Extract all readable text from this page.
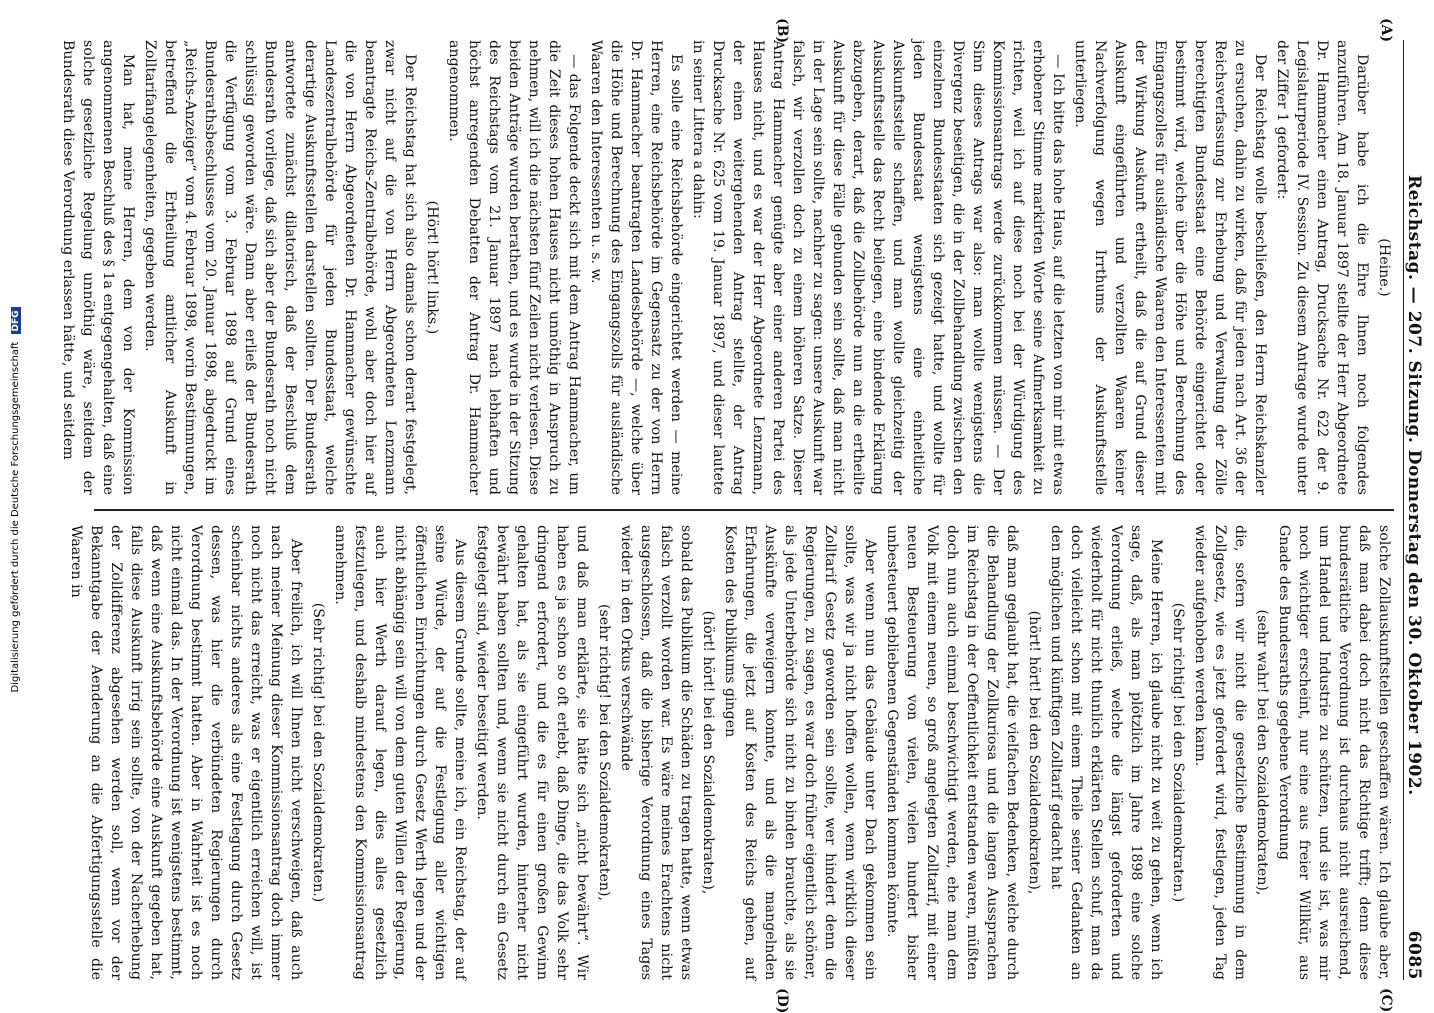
Digitalisierung gefördert durch die Deutsche Forschungsgemeinschaft DFG	Reichstag. — 207. Sitzung. Donnerstag den 30. Oktober 1902.
6085
(A)
(B)
(C)
(D)

(Heine.)

Darüber habe ich die Ehre Ihnen noch folgendes anzuführen. Am 18. Januar 1897 stellte der Herr Abgeordnete Dr. Hammacher einen Antrag, Drucksache Nr. 622 der 9. Legislaturperiode IV. Session. Zu diesem Antrage wurde unter der Ziffer 1 gefordert:

Der Reichstag wolle beschließen, den Herrn Reichskanzler zu ersuchen, dahin zu wirken, daß für jeden nach Art. 36 der Reichsverfassung zur Erhebung und Verwaltung der Zölle berechtigten Bundesstaat eine Behörde eingerichtet oder bestimmt wird, welche über die Höhe und Berechnung des Eingangszolles für ausländische Waaren den Interessenten mit der Wirkung Auskunft ertheilt, daß die auf Grund dieser Auskunft eingeführten und verzollten Waaren keiner Nachverfolgung wegen Irrthums der Auskunftsstelle unterliegen.

— Ich bitte das hohe Haus, auf die letzten von mir mit etwas erhobener Stimme markirten Worte seine Aufmerksamkeit zu richten, weil ich auf diese noch bei der Würdigung des Kommissionsantrags werde zurückkommen müssen. — Der Sinn dieses Antrags war also: man wollte wenigstens die Divergenz beseitigen, die in der Zollbehandlung zwischen den einzelnen Bundesstaaten sich gezeigt hatte, und wollte für jeden Bundesstaat wenigstens eine einheitliche Auskunftsstelle schaffen, und man wollte gleichzeitig der Auskunftsstelle das Recht beilegen, eine bindende Erklärung abzugeben, derart, daß die Zollbehörde nun an die ertheilte Auskunft für diese Fälle gebunden sein sollte, daß man nicht in der Lage sein sollte, nachher zu sagen: unsere Auskunft war falsch, wir verzollen doch zu einem höheren Satze. Dieser Antrag Hammacher genügte aber einer anderen Partei des Hauses nicht, und es war der Herr Abgeordnete Lenzmann, der einen weitergehenden Antrag stellte, der Antrag Drucksache Nr. 625 vom 19. Januar 1897, und dieser lautete in seiner Littera a dahin:

Es solle eine Reichsbehörde eingerichtet werden — meine Herren, eine Reichsbehörde im Gegensatz zu der von Herrn Dr. Hammacher beantragten Landesbehörde —, welche über die Höhe und Berechnung des Eingangszolls für ausländische Waaren den Interessenten u. s. w.

— das Folgende deckt sich mit dem Antrag Hammacher, um die Zeit dieses hohen Hauses nicht unnöthig in Anspruch zu nehmen, will ich die nächsten fünf Zeilen nicht verlesen. Diese beiden Anträge wurden berathen, und es wurde in der Sitzung des Reichstags vom 21. Januar 1897 nach lebhaften und höchst anregenden Debatten der Antrag Dr. Hammacher angenommen.

(Hört! hört! links.)

Der Reichstag hat sich also damals schon derart festgelegt, zwar nicht auf die von Herrn Abgeordneten Lenzmann beantragte Reichs-Zentralbehörde, wohl aber doch hier auf die von Herrn Abgeordneten Dr. Hammacher gewünschte Landeszentralbehörde für jeden Bundesstaat, welche derartige Auskunftsstellen darstellen sollten. Der Bundesrath antwortete zunächst dilatorisch, daß der Beschluß dem Bundesrath vorliege, daß sich aber der Bundesrath noch nicht schlüssig geworden wäre. Dann aber erließ der Bundesrath die Verfügung vom 3. Februar 1898 auf Grund eines Bundesrathsbeschlusses vom 20. Januar 1898, abgedruckt im „Reichs-Anzeiger“ vom 4. Februar 1898, worin Bestimmungen, betreffend die Ertheilung amtlicher Auskunft in Zolltarifangelegenheiten, gegeben werden.

Man hat, meine Herren, dem von der Kommission angenommenen Beschluß des § 1a entgegengehalten, daß eine solche gesetzliche Regelung unnöthig wäre, seitdem der Bundesrath diese Verordnung erlassen hätte, und seitdem

solche Zollauskunftstellen geschaffen wären. Ich glaube aber, daß man dabei doch nicht das Richtige trifft; denn diese bundesrätliche Verordnung ist durchaus nicht ausreichend, um Handel und Industrie zu schützen, und sie ist, was mir noch wichtiger erscheint, nur eine aus freier Willkür, aus Gnade des Bundesraths gegebene Verordnung

(sehr wahr! bei den Sozialdemokraten),

die, sofern wir nicht die gesetzliche Bestimmung in dem Zollgesetz, wie es jetzt gefordert wird, festlegen, jeden Tag wieder aufgehoben werden kann.

(Sehr richtig! bei den Sozialdemokraten.)

Meine Herren, ich glaube nicht zu weit zu gehen, wenn ich sage, daß, als man plötzlich im Jahre 1898 eine solche Verordnung erließ, welche die längst geforderten und wiederholt für nicht thunlich erklärten Stellen schuf, man da doch vielleicht schon mit einem Theile seiner Gedanken an den möglichen und künftigen Zolltarif gedacht hat

(hört! hört! bei den Sozialdemokraten),

daß man geglaubt hat, die vielfachen Bedenken, welche durch die Behandlung der Zollkuriosa und die langen Aussprachen im Reichstag in der Oeffentlichkeit entstanden waren, müßten doch nun auch einmal beschwichtigt werden, ehe man dem Volk mit einem neuen, so groß angelegten Zolltarif, mit einer neuen Besteuerung von vielen, vielen hundert bisher unbesteuert gebliebenen Gegenständen kommen könnte.

Aber wenn nun das Gebäude unter Dach gekommen sein sollte, was wir ja nicht hoffen wollen, wenn wirklich dieser Zolltarif Gesetz geworden sein sollte, wer hindert denn die Regierungen, zu sagen, es war doch früher eigentlich schöner, als jede Unterbehörde sich nicht zu binden brauchte, als sie Auskünfte verweigern konnte, und als die mangelnden Erfahrungen, die jetzt auf Kosten des Reichs gehen, auf Kosten des Publikums gingen

(hört! hört! bei den Sozialdemokraten),

sobald das Publikum die Schäden zu tragen hatte, wenn etwas falsch verzollt worden war. Es wäre meines Erachtens nicht ausgeschlossen, daß die bisherige Verordnung eines Tages wieder in den Orkus verschwände

(sehr richtig! bei den Sozialdemokraten),

und daß man erklärte, sie hätte sich „nicht bewährt“. Wir haben es ja schon so oft erlebt, daß Dinge, die das Volk sehr dringend erfordert, und die es für einen großen Gewinn gehalten hat, als sie eingeführt wurden, hinterher nicht bewährt haben sollten und, wenn sie nicht durch ein Gesetz festgelegt sind, wieder beseitigt werden.

Aus diesem Grunde sollte, meine ich, ein Reichstag, der auf seine Würde, der auf die Festlegung aller wichtigen öffentlichen Einrichtungen durch Gesetz Werth legen und der nicht abhängig sein will von dem guten Willen der Regierung, auch hier Werth darauf legen, dies alles gesetzlich festzulegen, und deshalb mindestens den Kommissionsantrag annehmen.

(Sehr richtig! bei den Sozialdemokraten.)

Aber freilich, ich will Ihnen nicht verschweigen, daß auch nach meiner Meinung dieser Kommissionsantrag doch immer noch nicht das erreicht, was er eigentlich erreichen will, ist scheinbar nichts anderes als eine Festlegung durch Gesetz dessen, was hier die verbündeten Regierungen durch Verordnung bestimmt hatten. Aber in Wahrheit ist es noch nicht einmal das. In der Verordnung ist wenigstens bestimmt, daß wenn eine Auskunftsbehörde eine Auskunft gegeben hat, falls diese Auskunft irrig sein sollte, von der Nacherhebung der Zolldifferenz abgesehen werden soll, wenn vor der Bekanntgabe der Aenderung an die Abfertigungsstelle die Waaren in
